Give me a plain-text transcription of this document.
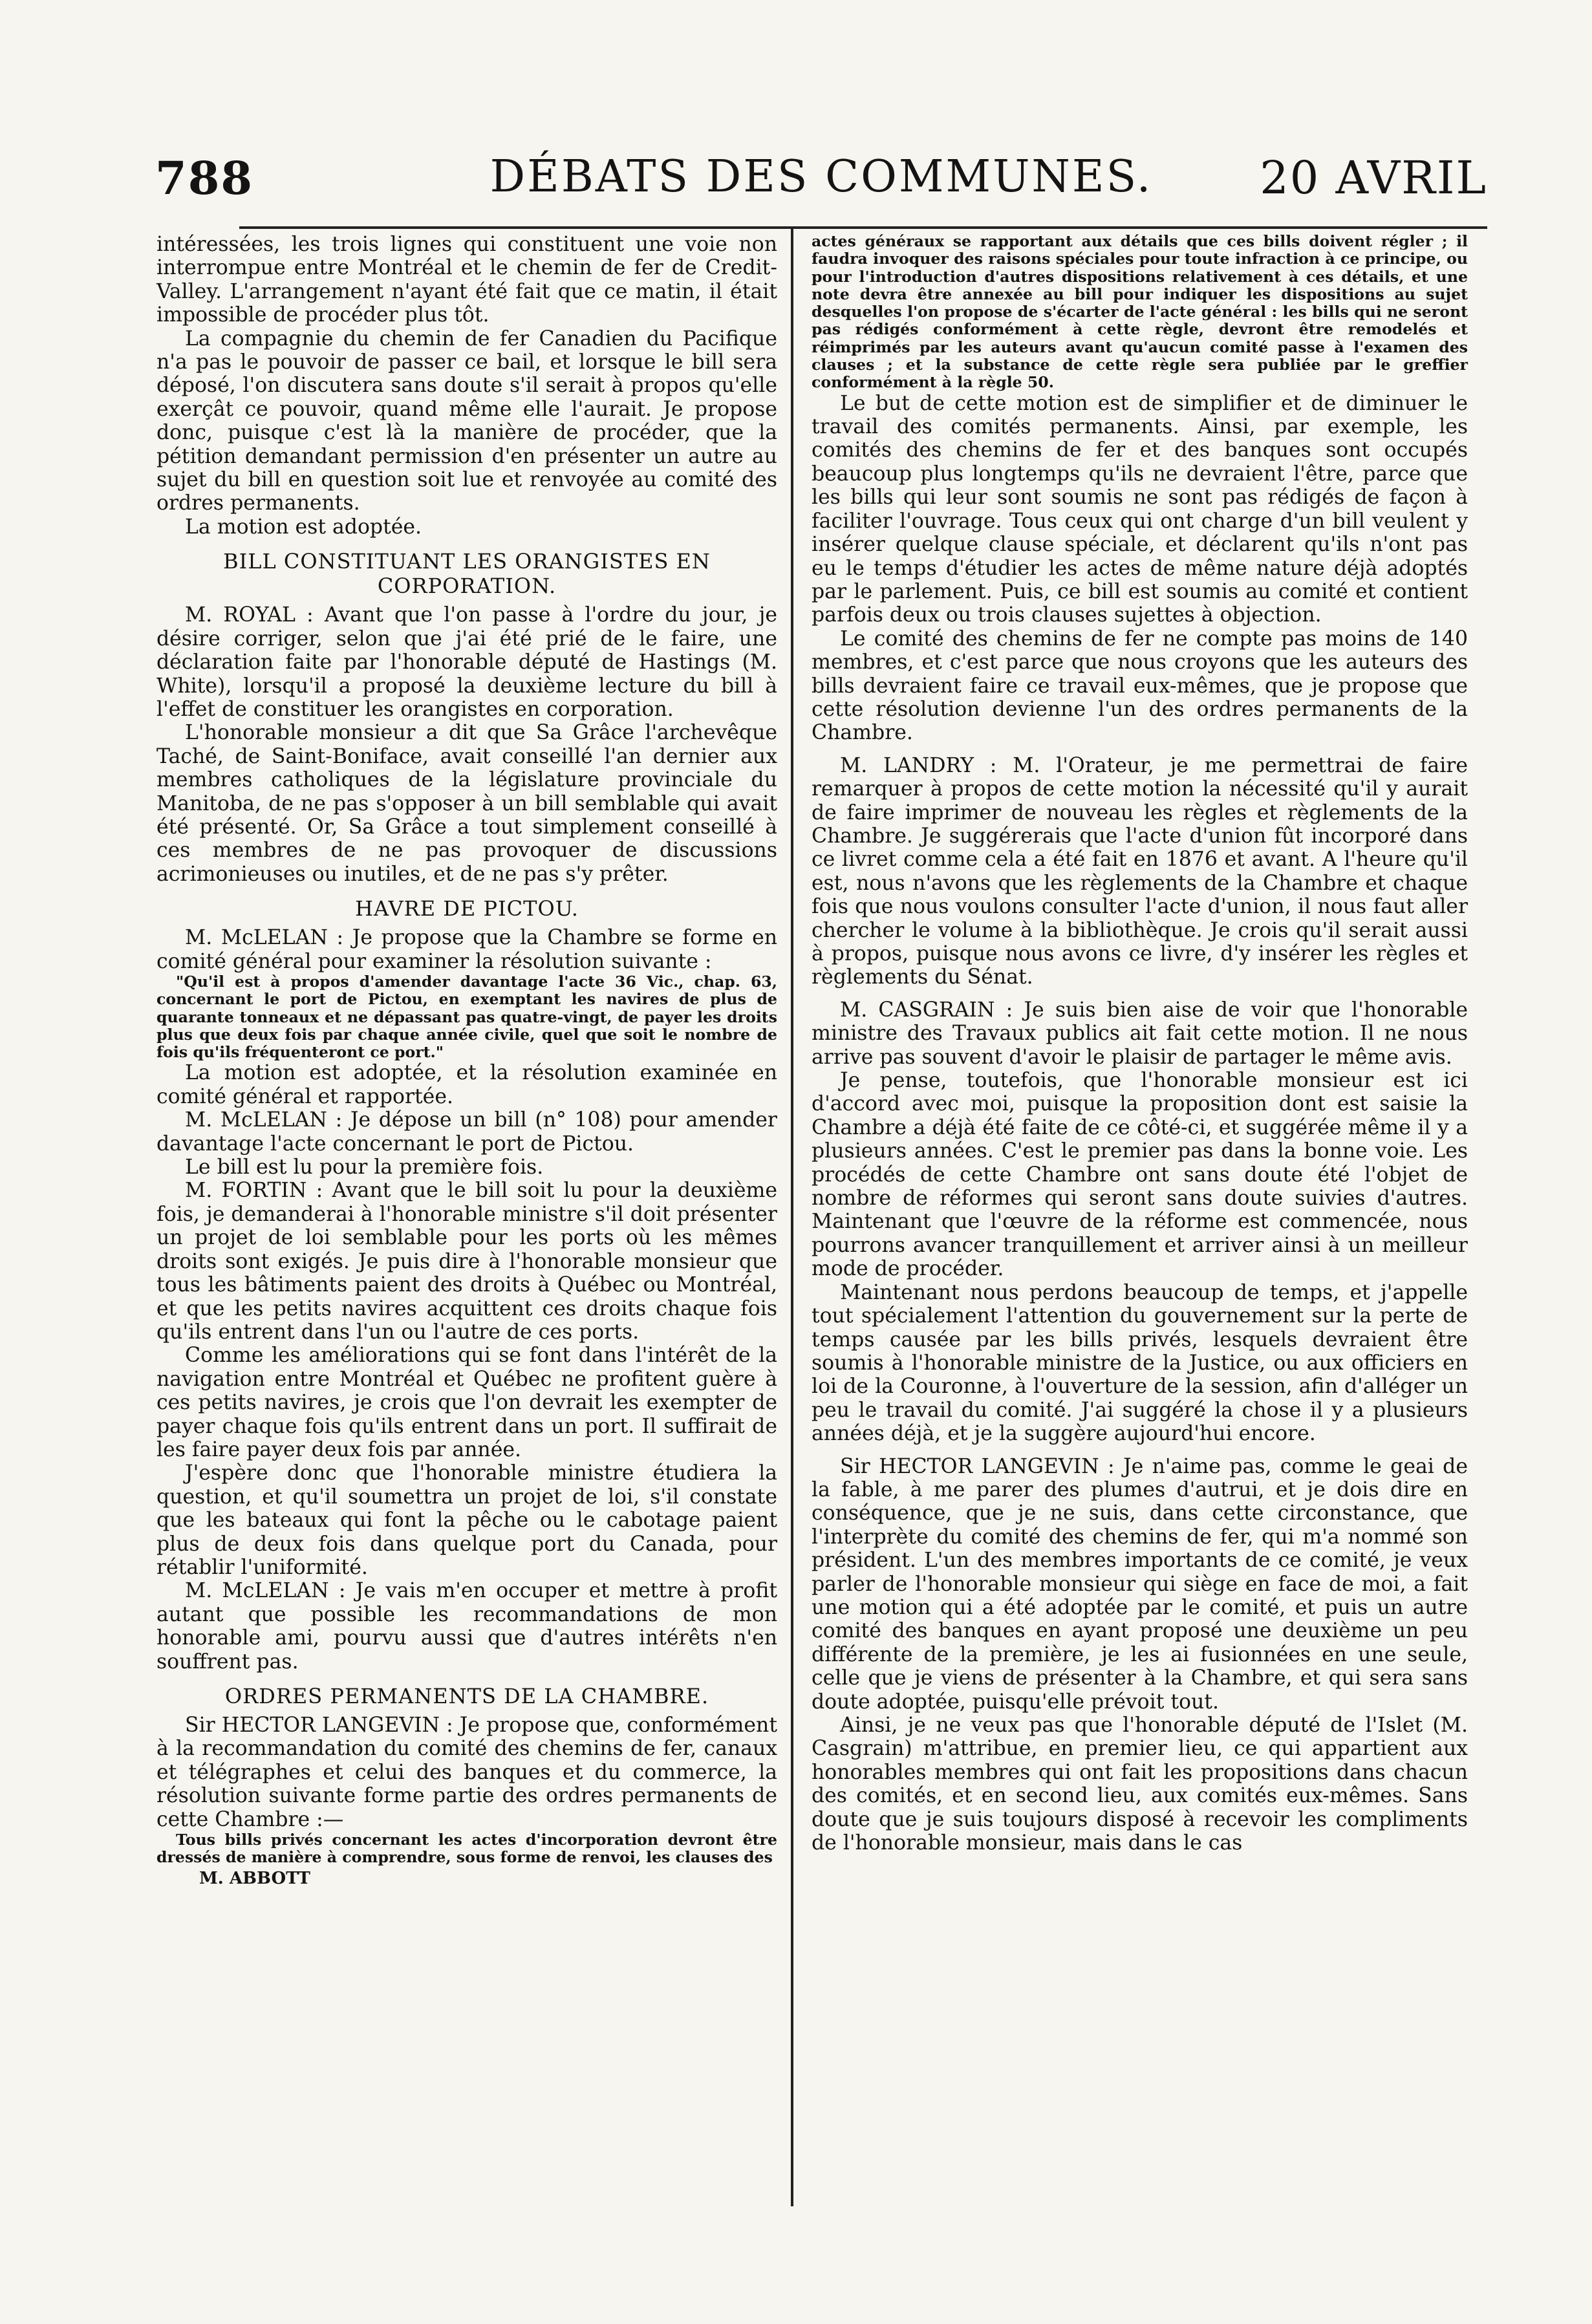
788	DÉBATS DES COMMUNES.	20 AVRIL

intéressées, les trois lignes qui constituent une voie non interrompue entre Montréal et le chemin de fer de Credit-Valley. L'arrangement n'ayant été fait que ce matin, il était impossible de procéder plus tôt.

La compagnie du chemin de fer Canadien du Pacifique n'a pas le pouvoir de passer ce bail, et lorsque le bill sera déposé, l'on discutera sans doute s'il serait à propos qu'elle exerçât ce pouvoir, quand même elle l'aurait. Je propose donc, puisque c'est là la manière de procéder, que la pétition demandant permission d'en présenter un autre au sujet du bill en question soit lue et renvoyée au comité des ordres permanents.

La motion est adoptée.

BILL CONSTITUANT LES ORANGISTES EN CORPORATION.

M. ROYAL : Avant que l'on passe à l'ordre du jour, je désire corriger, selon que j'ai été prié de le faire, une déclaration faite par l'honorable député de Hastings (M. White), lorsqu'il a proposé la deuxième lecture du bill à l'effet de constituer les orangistes en corporation.

L'honorable monsieur a dit que Sa Grâce l'archevêque Taché, de Saint-Boniface, avait conseillé l'an dernier aux membres catholiques de la législature provinciale du Manitoba, de ne pas s'opposer à un bill semblable qui avait été présenté. Or, Sa Grâce a tout simplement conseillé à ces membres de ne pas provoquer de discussions acrimonieuses ou inutiles, et de ne pas s'y prêter.

HAVRE DE PICTOU.

M. McLELAN : Je propose que la Chambre se forme en comité général pour examiner la résolution suivante :

"Qu'il est à propos d'amender davantage l'acte 36 Vic., chap. 63, concernant le port de Pictou, en exemptant les navires de plus de quarante tonneaux et ne dépassant pas quatre-vingt, de payer les droits plus que deux fois par chaque année civile, quel que soit le nombre de fois qu'ils fréquenteront ce port."

La motion est adoptée, et la résolution examinée en comité général et rapportée.

M. McLELAN : Je dépose un bill (n° 108) pour amender davantage l'acte concernant le port de Pictou.

Le bill est lu pour la première fois.

M. FORTIN : Avant que le bill soit lu pour la deuxième fois, je demanderai à l'honorable ministre s'il doit présenter un projet de loi semblable pour les ports où les mêmes droits sont exigés. Je puis dire à l'honorable monsieur que tous les bâtiments paient des droits à Québec ou Montréal, et que les petits navires acquittent ces droits chaque fois qu'ils entrent dans l'un ou l'autre de ces ports.

Comme les améliorations qui se font dans l'intérêt de la navigation entre Montréal et Québec ne profitent guère à ces petits navires, je crois que l'on devrait les exempter de payer chaque fois qu'ils entrent dans un port. Il suffirait de les faire payer deux fois par année.

J'espère donc que l'honorable ministre étudiera la question, et qu'il soumettra un projet de loi, s'il constate que les bateaux qui font la pêche ou le cabotage paient plus de deux fois dans quelque port du Canada, pour rétablir l'uniformité.

M. McLELAN : Je vais m'en occuper et mettre à profit autant que possible les recommandations de mon honorable ami, pourvu aussi que d'autres intérêts n'en souffrent pas.

ORDRES PERMANENTS DE LA CHAMBRE.

Sir HECTOR LANGEVIN : Je propose que, conformément à la recommandation du comité des chemins de fer, canaux et télégraphes et celui des banques et du commerce, la résolution suivante forme partie des ordres permanents de cette Chambre :—

Tous bills privés concernant les actes d'incorporation devront être dressés de manière à comprendre, sous forme de renvoi, les clauses des

M. ABBOTT

actes généraux se rapportant aux détails que ces bills doivent régler ; il faudra invoquer des raisons spéciales pour toute infraction à ce principe, ou pour l'introduction d'autres dispositions relativement à ces détails, et une note devra être annexée au bill pour indiquer les dispositions au sujet desquelles l'on propose de s'écarter de l'acte général : les bills qui ne seront pas rédigés conformément à cette règle, devront être remodelés et réimprimés par les auteurs avant qu'aucun comité passe à l'examen des clauses ; et la substance de cette règle sera publiée par le greffier conformément à la règle 50.

Le but de cette motion est de simplifier et de diminuer le travail des comités permanents. Ainsi, par exemple, les comités des chemins de fer et des banques sont occupés beaucoup plus longtemps qu'ils ne devraient l'être, parce que les bills qui leur sont soumis ne sont pas rédigés de façon à faciliter l'ouvrage. Tous ceux qui ont charge d'un bill veulent y insérer quelque clause spéciale, et déclarent qu'ils n'ont pas eu le temps d'étudier les actes de même nature déjà adoptés par le parlement. Puis, ce bill est soumis au comité et contient parfois deux ou trois clauses sujettes à objection.

Le comité des chemins de fer ne compte pas moins de 140 membres, et c'est parce que nous croyons que les auteurs des bills devraient faire ce travail eux-mêmes, que je propose que cette résolution devienne l'un des ordres permanents de la Chambre.

M. LANDRY : M. l'Orateur, je me permettrai de faire remarquer à propos de cette motion la nécessité qu'il y aurait de faire imprimer de nouveau les règles et règlements de la Chambre. Je suggérerais que l'acte d'union fût incorporé dans ce livret comme cela a été fait en 1876 et avant. A l'heure qu'il est, nous n'avons que les règlements de la Chambre et chaque fois que nous voulons consulter l'acte d'union, il nous faut aller chercher le volume à la bibliothèque. Je crois qu'il serait aussi à propos, puisque nous avons ce livre, d'y insérer les règles et règlements du Sénat.

M. CASGRAIN : Je suis bien aise de voir que l'honorable ministre des Travaux publics ait fait cette motion. Il ne nous arrive pas souvent d'avoir le plaisir de partager le même avis.

Je pense, toutefois, que l'honorable monsieur est ici d'accord avec moi, puisque la proposition dont est saisie la Chambre a déjà été faite de ce côté-ci, et suggérée même il y a plusieurs années. C'est le premier pas dans la bonne voie. Les procédés de cette Chambre ont sans doute été l'objet de nombre de réformes qui seront sans doute suivies d'autres. Maintenant que l'œuvre de la réforme est commencée, nous pourrons avancer tranquillement et arriver ainsi à un meilleur mode de procéder.

Maintenant nous perdons beaucoup de temps, et j'appelle tout spécialement l'attention du gouvernement sur la perte de temps causée par les bills privés, lesquels devraient être soumis à l'honorable ministre de la Justice, ou aux officiers en loi de la Couronne, à l'ouverture de la session, afin d'alléger un peu le travail du comité. J'ai suggéré la chose il y a plusieurs années déjà, et je la suggère aujourd'hui encore.

Sir HECTOR LANGEVIN : Je n'aime pas, comme le geai de la fable, à me parer des plumes d'autrui, et je dois dire en conséquence, que je ne suis, dans cette circonstance, que l'interprète du comité des chemins de fer, qui m'a nommé son président. L'un des membres importants de ce comité, je veux parler de l'honorable monsieur qui siège en face de moi, a fait une motion qui a été adoptée par le comité, et puis un autre comité des banques en ayant proposé une deuxième un peu différente de la première, je les ai fusionnées en une seule, celle que je viens de présenter à la Chambre, et qui sera sans doute adoptée, puisqu'elle prévoit tout.

Ainsi, je ne veux pas que l'honorable député de l'Islet (M. Casgrain) m'attribue, en premier lieu, ce qui appartient aux honorables membres qui ont fait les propositions dans chacun des comités, et en second lieu, aux comités eux-mêmes. Sans doute que je suis toujours disposé à recevoir les compliments de l'honorable monsieur, mais dans le cas
